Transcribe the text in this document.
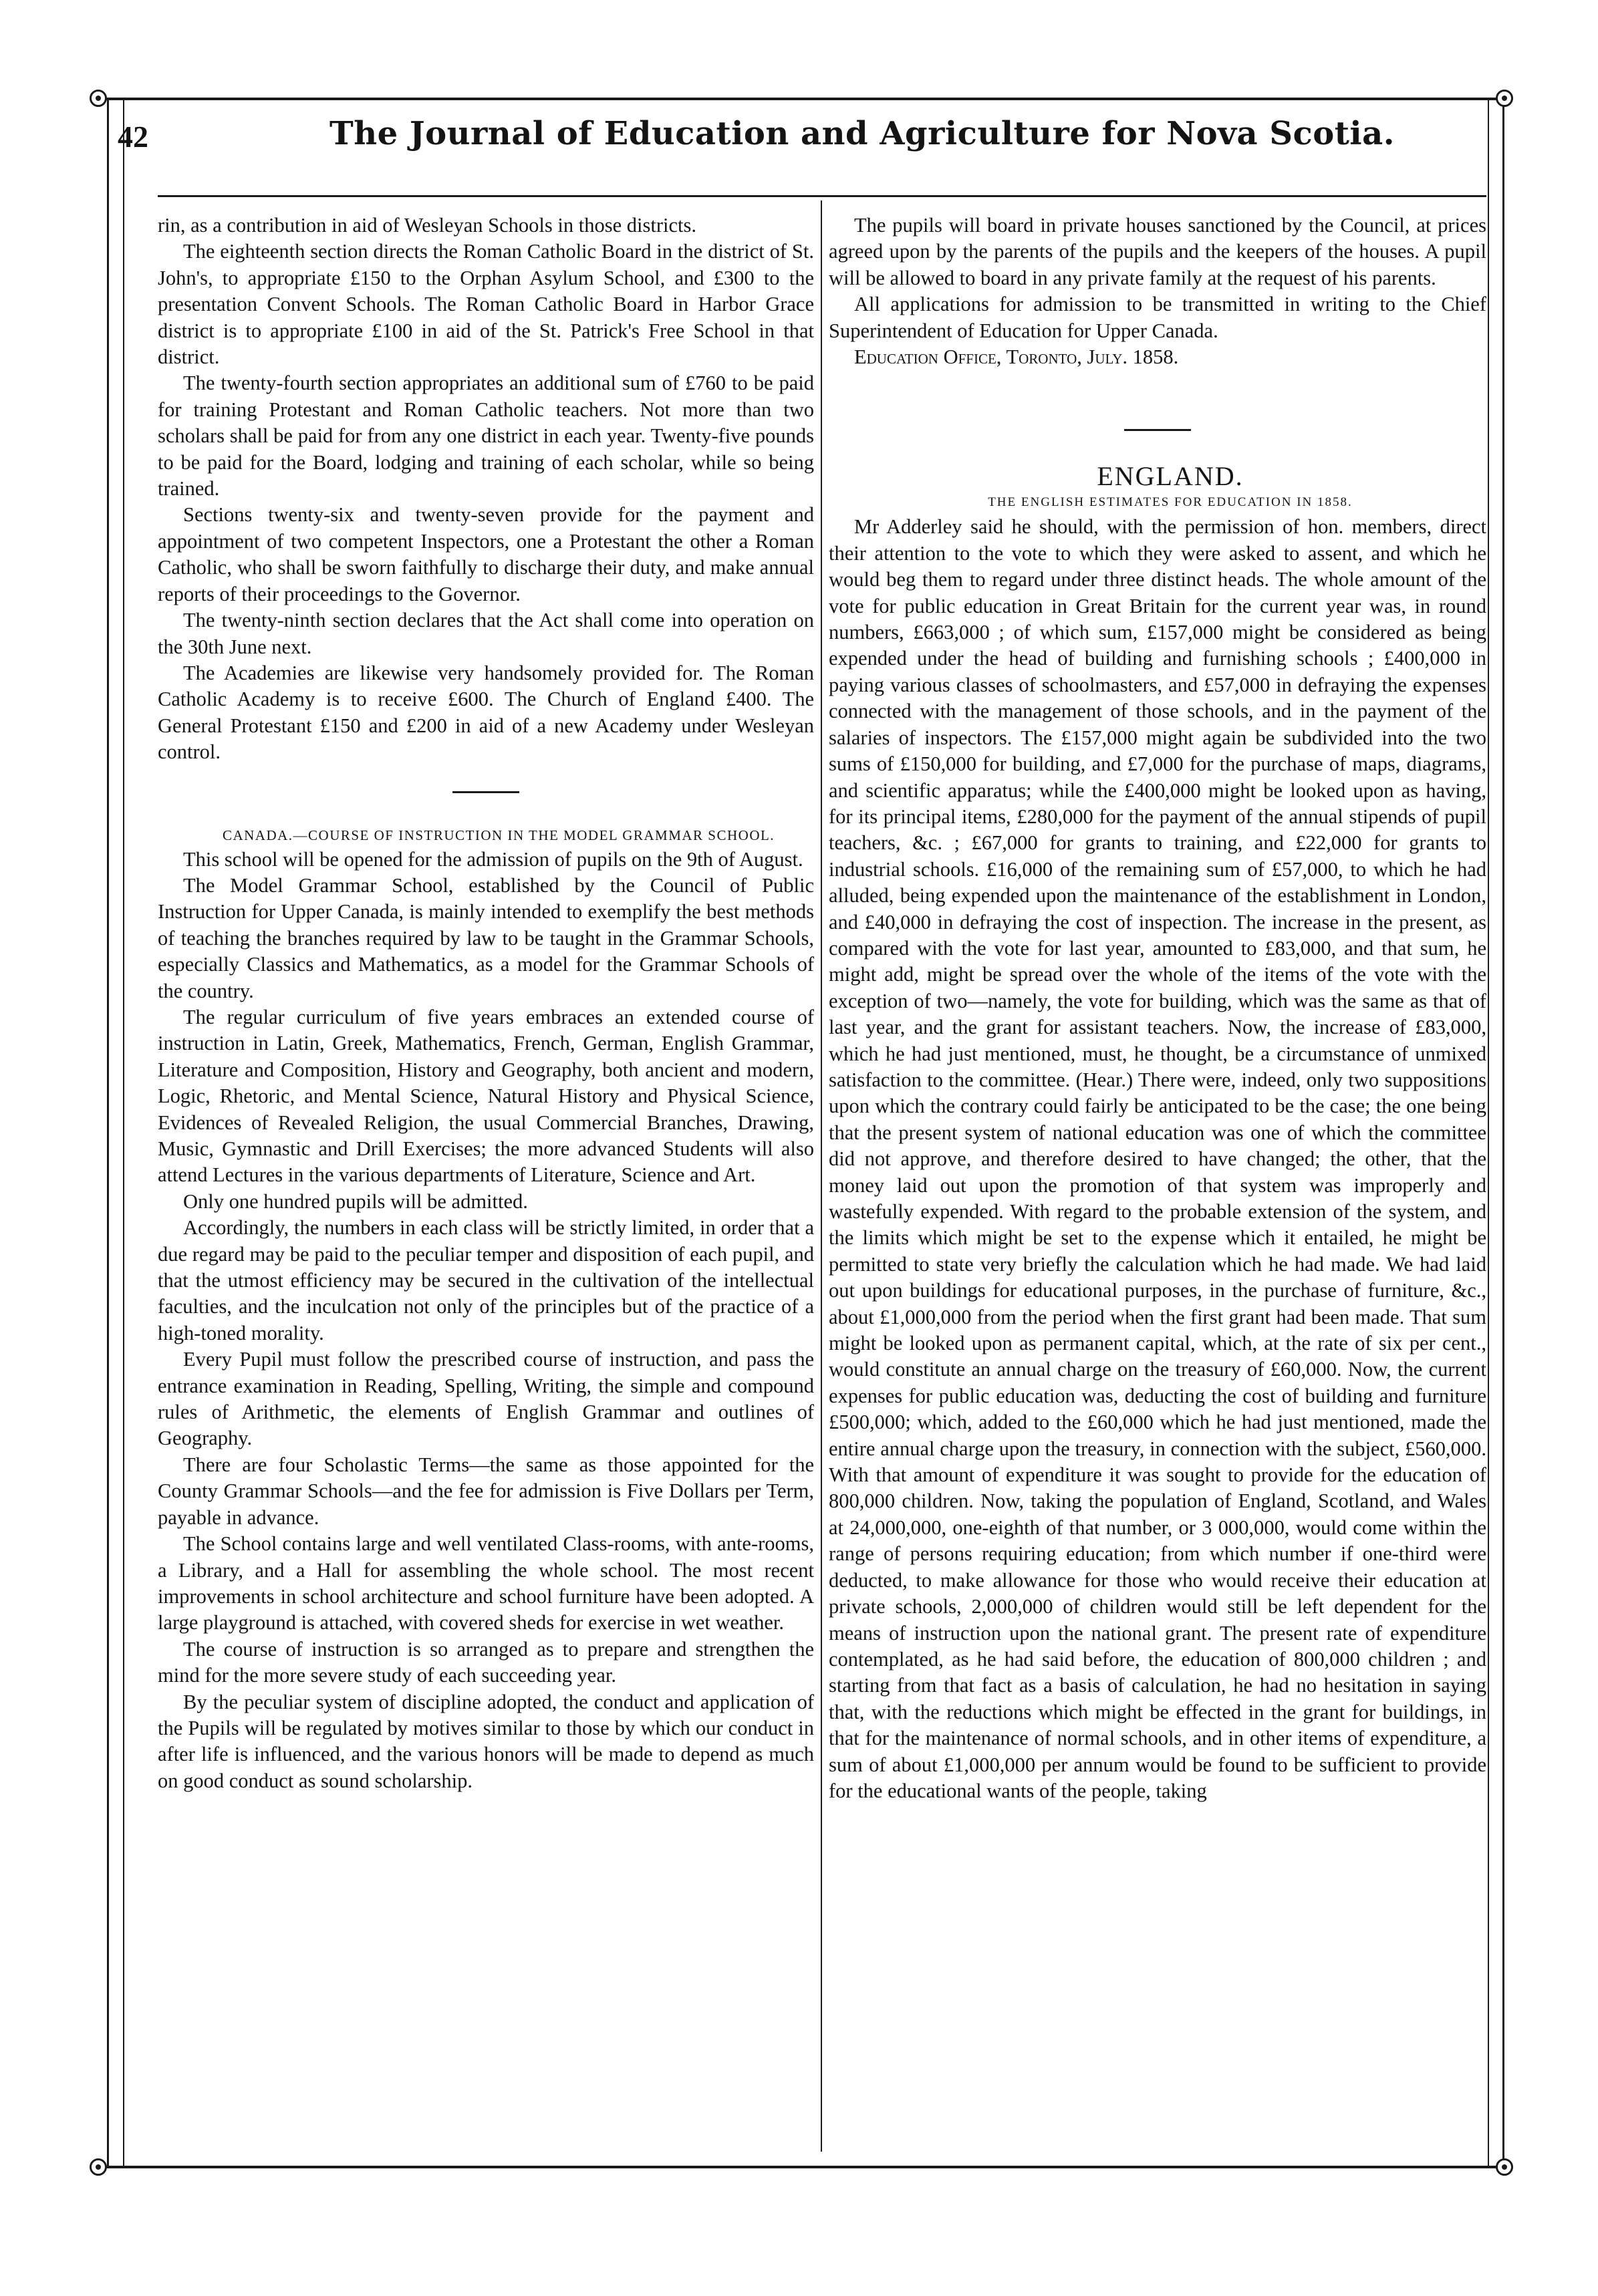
42	The Journal of Education and Agriculture for Nova Scotia.

rin, as a contribution in aid of Wesleyan Schools in those districts.

The eighteenth section directs the Roman Catholic Board in the district of St. John's, to appropriate £150 to the Orphan Asylum School, and £300 to the presentation Convent Schools. The Roman Catholic Board in Harbor Grace district is to appropriate £100 in aid of the St. Patrick's Free School in that district.

The twenty-fourth section appropriates an additional sum of £760 to be paid for training Protestant and Roman Catholic teachers. Not more than two scholars shall be paid for from any one district in each year. Twenty-five pounds to be paid for the Board, lodging and training of each scholar, while so being trained.

Sections twenty-six and twenty-seven provide for the payment and appointment of two competent Inspectors, one a Protestant the other a Roman Catholic, who shall be sworn faithfully to discharge their duty, and make annual reports of their proceedings to the Governor.

The twenty-ninth section declares that the Act shall come into operation on the 30th June next.

The Academies are likewise very handsomely provided for. The Roman Catholic Academy is to receive £600. The Church of England £400. The General Protestant £150 and £200 in aid of a new Academy under Wesleyan control.

CANADA.—COURSE OF INSTRUCTION IN THE MODEL GRAMMAR SCHOOL.

This school will be opened for the admission of pupils on the 9th of August.

The Model Grammar School, established by the Council of Public Instruction for Upper Canada, is mainly intended to exemplify the best methods of teaching the branches required by law to be taught in the Grammar Schools, especially Classics and Mathematics, as a model for the Grammar Schools of the country.

The regular curriculum of five years embraces an extended course of instruction in Latin, Greek, Mathematics, French, German, English Grammar, Literature and Composition, History and Geography, both ancient and modern, Logic, Rhetoric, and Mental Science, Natural History and Physical Science, Evidences of Revealed Religion, the usual Commercial Branches, Drawing, Music, Gymnastic and Drill Exercises; the more advanced Students will also attend Lectures in the various departments of Literature, Science and Art.

Only one hundred pupils will be admitted.

Accordingly, the numbers in each class will be strictly limited, in order that a due regard may be paid to the peculiar temper and disposition of each pupil, and that the utmost efficiency may be secured in the cultivation of the intellectual faculties, and the inculcation not only of the principles but of the practice of a high-toned morality.

Every Pupil must follow the prescribed course of instruction, and pass the entrance examination in Reading, Spelling, Writing, the simple and compound rules of Arithmetic, the elements of English Grammar and outlines of Geography.

There are four Scholastic Terms—the same as those appointed for the County Grammar Schools—and the fee for admission is Five Dollars per Term, payable in advance.

The School contains large and well ventilated Class-rooms, with ante-rooms, a Library, and a Hall for assembling the whole school. The most recent improvements in school architecture and school furniture have been adopted. A large playground is attached, with covered sheds for exercise in wet weather.

The course of instruction is so arranged as to prepare and strengthen the mind for the more severe study of each succeeding year.

By the peculiar system of discipline adopted, the conduct and application of the Pupils will be regulated by motives similar to those by which our conduct in after life is influenced, and the various honors will be made to depend as much on good conduct as sound scholarship.

The pupils will board in private houses sanctioned by the Council, at prices agreed upon by the parents of the pupils and the keepers of the houses. A pupil will be allowed to board in any private family at the request of his parents.

All applications for admission to be transmitted in writing to the Chief Superintendent of Education for Upper Canada.

Education Office, Toronto, July. 1858.

ENGLAND.

THE ENGLISH ESTIMATES FOR EDUCATION IN 1858.

Mr Adderley said he should, with the permission of hon. members, direct their attention to the vote to which they were asked to assent, and which he would beg them to regard under three distinct heads. The whole amount of the vote for public education in Great Britain for the current year was, in round numbers, £663,000 ; of which sum, £157,000 might be considered as being expended under the head of building and furnishing schools ; £400,000 in paying various classes of schoolmasters, and £57,000 in defraying the expenses connected with the management of those schools, and in the payment of the salaries of inspectors. The £157,000 might again be subdivided into the two sums of £150,000 for building, and £7,000 for the purchase of maps, diagrams, and scientific apparatus; while the £400,000 might be looked upon as having, for its principal items, £280,000 for the payment of the annual stipends of pupil teachers, &c. ; £67,000 for grants to training, and £22,000 for grants to industrial schools. £16,000 of the remaining sum of £57,000, to which he had alluded, being expended upon the maintenance of the establishment in London, and £40,000 in defraying the cost of inspection. The increase in the present, as compared with the vote for last year, amounted to £83,000, and that sum, he might add, might be spread over the whole of the items of the vote with the exception of two—namely, the vote for building, which was the same as that of last year, and the grant for assistant teachers. Now, the increase of £83,000, which he had just mentioned, must, he thought, be a circumstance of unmixed satisfaction to the committee. (Hear.) There were, indeed, only two suppositions upon which the contrary could fairly be anticipated to be the case; the one being that the present system of national education was one of which the committee did not approve, and therefore desired to have changed; the other, that the money laid out upon the promotion of that system was improperly and wastefully expended. With regard to the probable extension of the system, and the limits which might be set to the expense which it entailed, he might be permitted to state very briefly the calculation which he had made. We had laid out upon buildings for educational purposes, in the purchase of furniture, &c., about £1,000,000 from the period when the first grant had been made. That sum might be looked upon as permanent capital, which, at the rate of six per cent., would constitute an annual charge on the treasury of £60,000. Now, the current expenses for public education was, deducting the cost of building and furniture £500,000; which, added to the £60,000 which he had just mentioned, made the entire annual charge upon the treasury, in connection with the subject, £560,000. With that amount of expenditure it was sought to provide for the education of 800,000 children. Now, taking the population of England, Scotland, and Wales at 24,000,000, one-eighth of that number, or 3 000,000, would come within the range of persons requiring education; from which number if one-third were deducted, to make allowance for those who would receive their education at private schools, 2,000,000 of children would still be left dependent for the means of instruction upon the national grant. The present rate of expenditure contemplated, as he had said before, the education of 800,000 children ; and starting from that fact as a basis of calculation, he had no hesitation in saying that, with the reductions which might be effected in the grant for buildings, in that for the maintenance of normal schools, and in other items of expenditure, a sum of about £1,000,000 per annum would be found to be sufficient to provide for the educational wants of the people, taking
